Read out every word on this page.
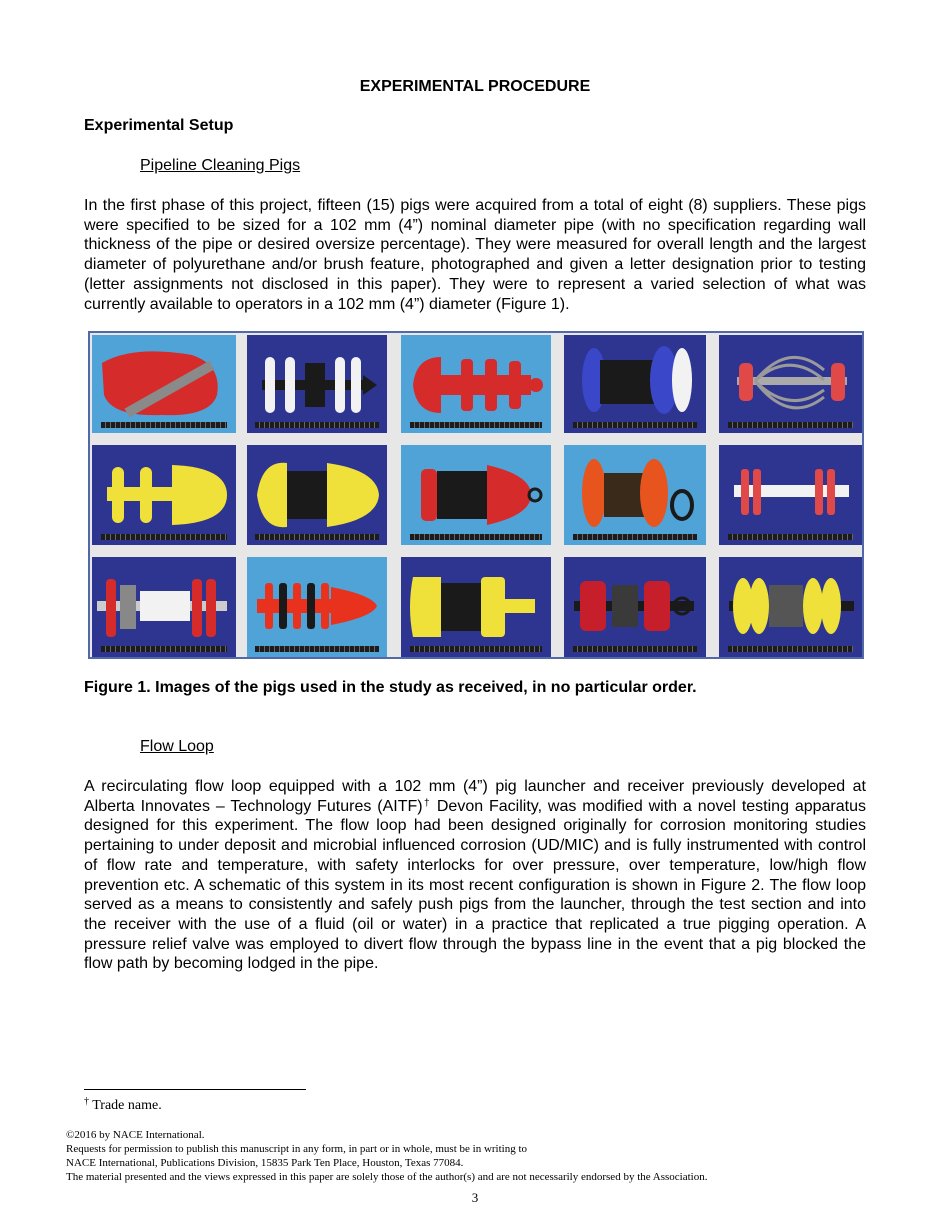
EXPERIMENTAL PROCEDURE
Experimental Setup
Pipeline Cleaning Pigs

In the first phase of this project, fifteen (15) pigs were acquired from a total of eight (8) suppliers. These pigs were specified to be sized for a 102 mm (4”) nominal diameter pipe (with no specification regarding wall thickness of the pipe or desired oversize percentage). They were measured for overall length and the largest diameter of polyurethane and/or brush feature, photographed and given a letter designation prior to testing (letter assignments not disclosed in this paper). They were to represent a varied selection of what was currently available to operators in a 102 mm (4”) diameter (Figure 1).

Figure 1. Images of the pigs used in the study as received, in no particular order.
Flow Loop

A recirculating flow loop equipped with a 102 mm (4”) pig launcher and receiver previously developed at Alberta Innovates – Technology Futures (AITF)† Devon Facility, was modified with a novel testing apparatus designed for this experiment. The flow loop had been designed originally for corrosion monitoring studies pertaining to under deposit and microbial influenced corrosion (UD/MIC) and is fully instrumented with control of flow rate and temperature, with safety interlocks for over pressure, over temperature, low/high flow prevention etc. A schematic of this system in its most recent configuration is shown in Figure 2. The flow loop served as a means to consistently and safely push pigs from the launcher, through the test section and into the receiver with the use of a fluid (oil or water) in a practice that replicated a true pigging operation. A pressure relief valve was employed to divert flow through the bypass line in the event that a pig blocked the flow path by becoming lodged in the pipe.

† Trade name.
©2016 by NACE International.
Requests for permission to publish this manuscript in any form, in part or in whole, must be in writing to
NACE International, Publications Division, 15835 Park Ten Place, Houston, Texas 77084.
The material presented and the views expressed in this paper are solely those of the author(s) and are not necessarily endorsed by the Association.
3
